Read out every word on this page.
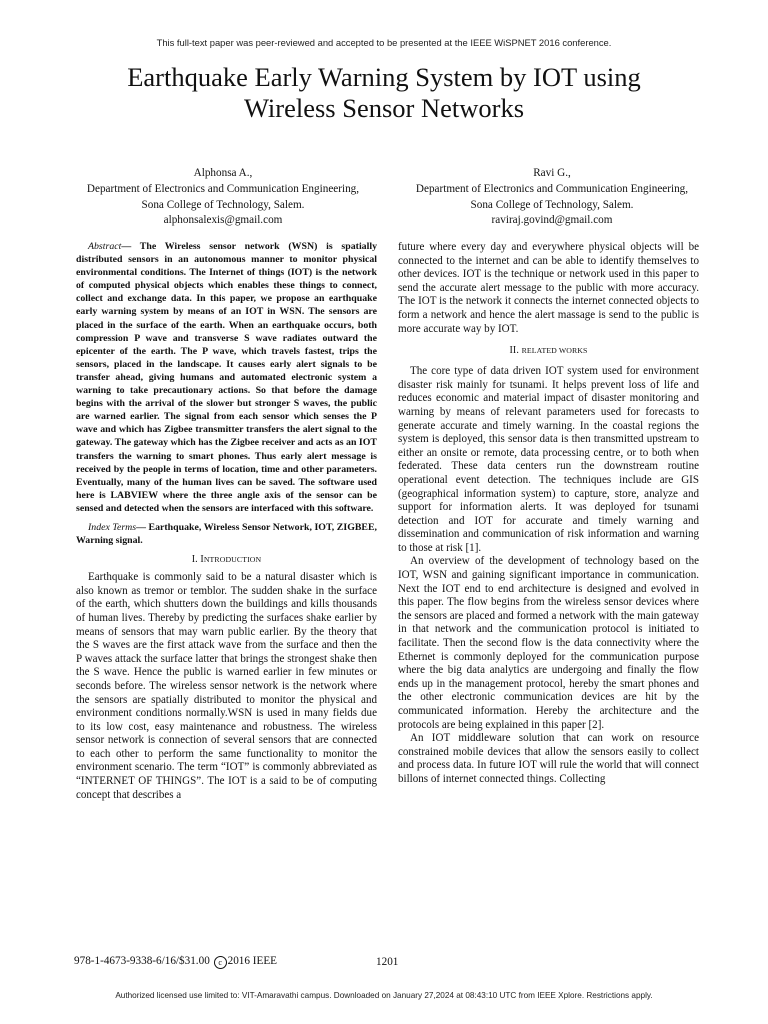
This full-text paper was peer-reviewed and accepted to be presented at the IEEE WiSPNET 2016 conference.
Earthquake Early Warning System by IOT using
Wireless Sensor Networks
Alphonsa A.,
Department of Electronics and Communication Engineering,
Sona College of Technology, Salem.
alphonsalexis@gmail.com
Ravi G.,
Department of Electronics and Communication Engineering,
Sona College of Technology, Salem.
raviraj.govind@gmail.com

Abstract— The Wireless sensor network (WSN) is spatially distributed sensors in an autonomous manner to monitor physical environmental conditions. The Internet of things (IOT) is the network of computed physical objects which enables these things to connect, collect and exchange data. In this paper, we propose an earthquake early warning system by means of an IOT in WSN. The sensors are placed in the surface of the earth. When an earthquake occurs, both compression P wave and transverse S wave radiates outward the epicenter of the earth. The P wave, which travels fastest, trips the sensors, placed in the landscape. It causes early alert signals to be transfer ahead, giving humans and automated electronic system a warning to take precautionary actions. So that before the damage begins with the arrival of the slower but stronger S waves, the public are warned earlier. The signal from each sensor which senses the P wave and which has Zigbee transmitter transfers the alert signal to the gateway. The gateway which has the Zigbee receiver and acts as an IOT transfers the warning to smart phones. Thus early alert message is received by the people in terms of location, time and other parameters. Eventually, many of the human lives can be saved. The software used here is LABVIEW where the three angle axis of the sensor can be sensed and detected when the sensors are interfaced with this software.

Index Terms— Earthquake, Wireless Sensor Network, IOT, ZIGBEE, Warning signal.

I. INTRODUCTION

Earthquake is commonly said to be a natural disaster which is also known as tremor or temblor. The sudden shake in the surface of the earth, which shutters down the buildings and kills thousands of human lives. Thereby by predicting the surfaces shake earlier by means of sensors that may warn public earlier. By the theory that the S waves are the first attack wave from the surface and then the P waves attack the surface latter that brings the strongest shake then the S wave. Hence the public is warned earlier in few minutes or seconds before. The wireless sensor network is the network where the sensors are spatially distributed to monitor the physical and environment conditions normally.WSN is used in many fields due to its low cost, easy maintenance and robustness. The wireless sensor network is connection of several sensors that are connected to each other to perform the same functionality to monitor the environment scenario. The term “IOT” is commonly abbreviated as “INTERNET OF THINGS”. The IOT is a said to be of computing concept that describes a

future where every day and everywhere physical objects will be connected to the internet and can be able to identify themselves to other devices. IOT is the technique or network used in this paper to send the accurate alert message to the public with more accuracy. The IOT is the network it connects the internet connected objects to form a network and hence the alert massage is send to the public is more accurate way by IOT.

II. RELATED WORKS

The core type of data driven IOT system used for environment disaster risk mainly for tsunami. It helps prevent loss of life and reduces economic and material impact of disaster monitoring and warning by means of relevant parameters used for forecasts to generate accurate and timely warning. In the coastal regions the system is deployed, this sensor data is then transmitted upstream to either an onsite or remote, data processing centre, or to both when federated. These data centers run the downstream routine operational event detection. The techniques include are GIS (geographical information system) to capture, store, analyze and support for information alerts. It was deployed for tsunami detection and IOT for accurate and timely warning and dissemination and communication of risk information and warning to those at risk [1].

An overview of the development of technology based on the IOT, WSN and gaining significant importance in communication. Next the IOT end to end architecture is designed and evolved in this paper. The flow begins from the wireless sensor devices where the sensors are placed and formed a network with the main gateway in that network and the communication protocol is initiated to facilitate. Then the second flow is the data connectivity where the Ethernet is commonly deployed for the communication purpose where the big data analytics are undergoing and finally the flow ends up in the management protocol, hereby the smart phones and the other electronic communication devices are hit by the communicated information. Hereby the architecture and the protocols are being explained in this paper [2].

An IOT middleware solution that can work on resource constrained mobile devices that allow the sensors easily to collect and process data. In future IOT will rule the world that will connect billons of internet connected things. Collecting

978-1-4673-9338-6/16/$31.00 c 2016 IEEE	1201
Authorized licensed use limited to: VIT-Amaravathi campus. Downloaded on January 27,2024 at 08:43:10 UTC from IEEE Xplore. Restrictions apply.
